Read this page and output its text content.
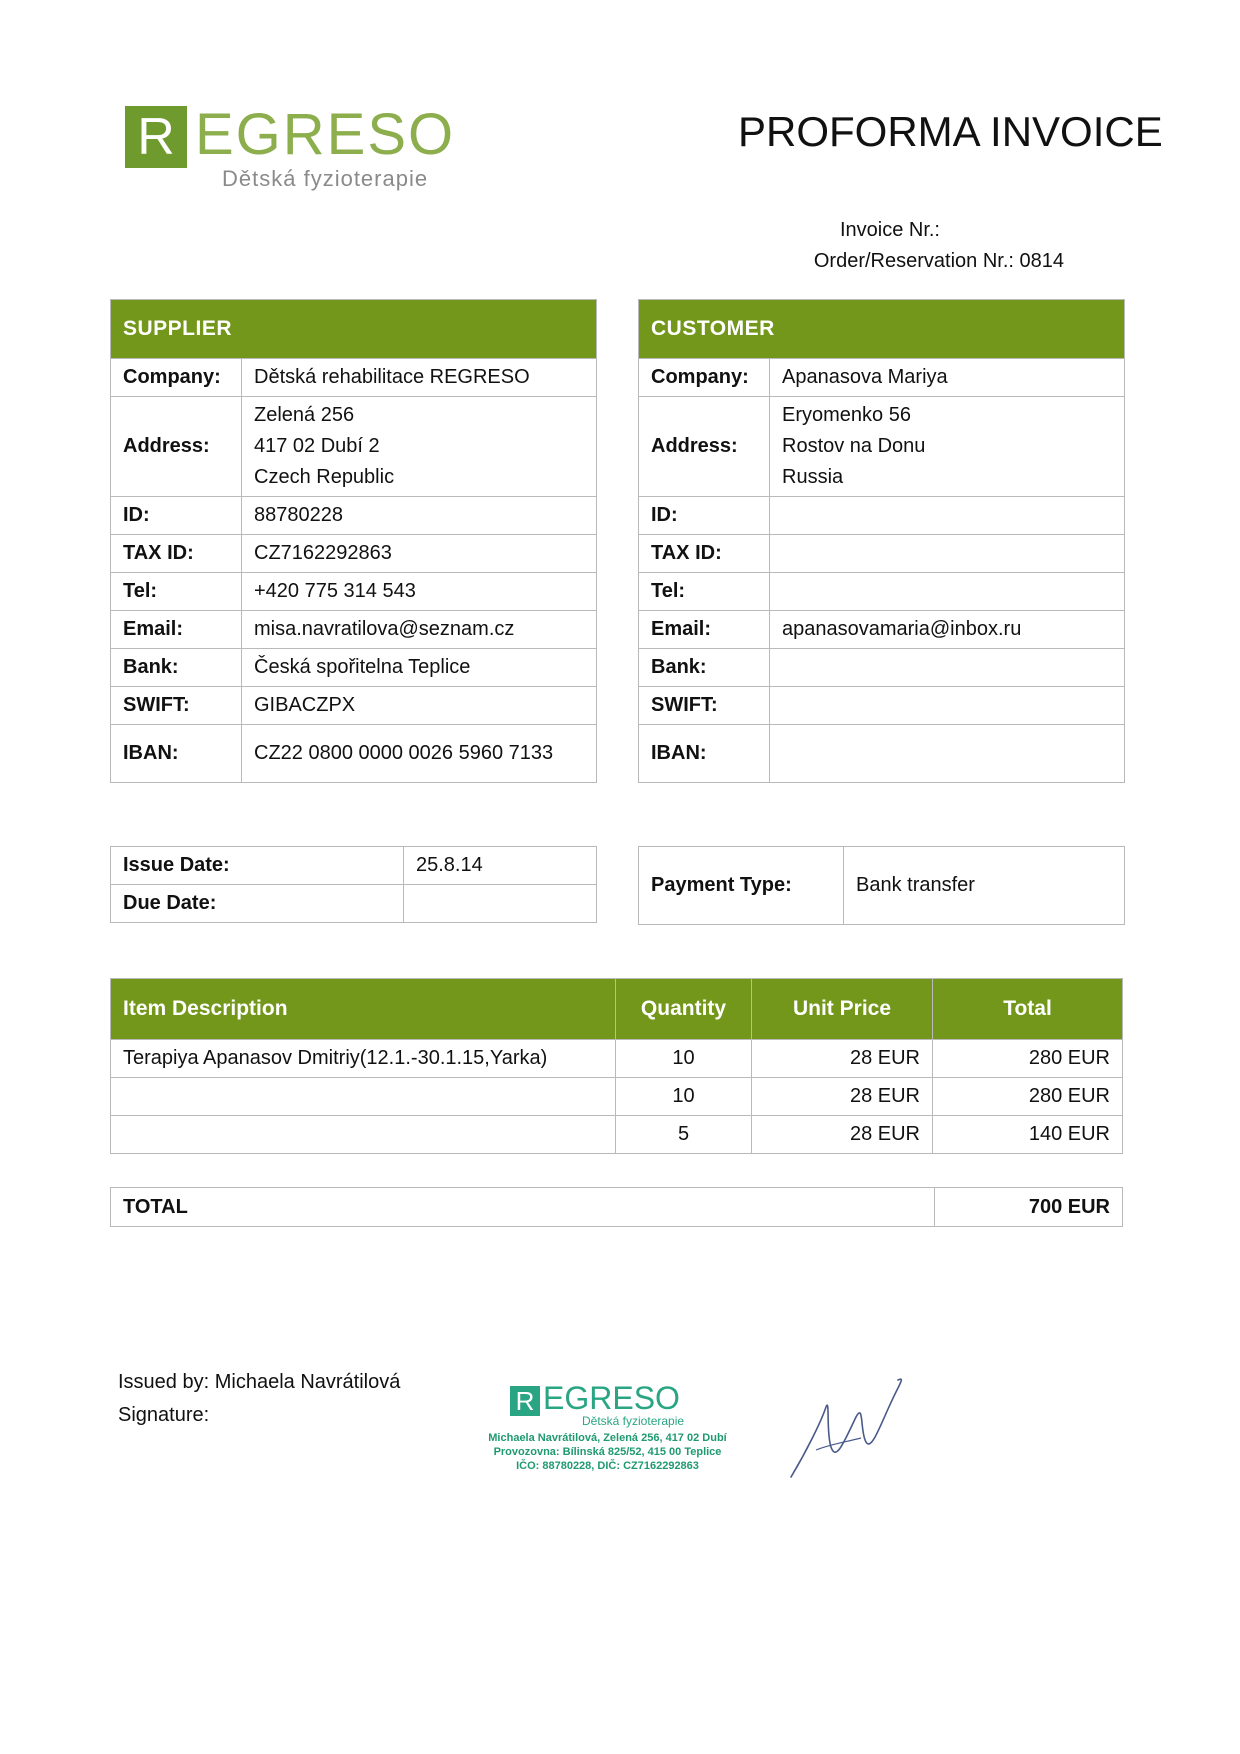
R EGRESO
Dětská fyzioterapie
PROFORMA INVOICE
Invoice Nr.:
Order/Reservation Nr.: 0814
SUPPLIER	
Company:	Dětská rehabilitace REGRESO
Address:	Zelená 256
417 02 Dubí 2
Czech Republic

ID:	88780228
TAX ID:	CZ7162292863
Tel:	+420 775 314 543
Email:	misa.navratilova@seznam.cz
Bank:	Česká spořitelna Teplice
SWIFT:	GIBACZPX
IBAN:	CZ22 0800 0000 0026 5960 7133
CUSTOMER	
Company:	Apanasova Mariya
Address:	Eryomenko 56
Rostov na Donu
Russia

ID:	
TAX ID:	
Tel:	
Email:	apanasovamaria@inbox.ru
Bank:	
SWIFT:	
IBAN:	
Issue Date:	25.8.14
Due Date:	
Payment Type:	Bank transfer
Item Description	Quantity	Unit Price	Total
Terapiya Apanasov Dmitriy(12.1.-30.1.15,Yarka)	10	28 EUR	280 EUR
	10	28 EUR	280 EUR
	5	28 EUR	140 EUR
TOTAL	700 EUR
Issued by: Michaela Navrátilová
Signature:	R EGRESO
Dětská fyzioterapie
Michaela Navrátilová, Zelená 256, 417 02 Dubí
Provozovna: Bílinská 825/52, 415 00 Teplice
IČO: 88780228, DIČ: CZ7162292863
